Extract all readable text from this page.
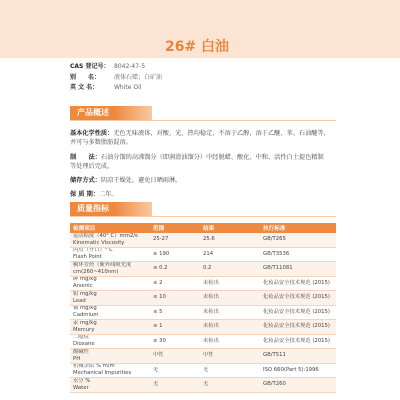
26# 白油
CAS 登记号： 8042-47-5
别　　名： 液体石蜡；白矿油
英 文 名：	White Oil
产品概述
基本化学性质：无色无味液体，对酸、光、热均稳定，不溶于乙醇，溶于乙醚、苯、石油醚等，
并可与多数脂肪混溶。
制　　法：石油分馏的高沸馏分（即润滑油馏分）中经脱蜡、酸化、中和、活性白土提色精制
等处理后完成。
储存方式：阴凉干燥处，避免日晒雨淋。
保 质 期：二年。
质量指标
检测项目	范围	结果	执行标准
运动粘度（40° C）mm2/s
Kinematic Viscosity
25-27	25.6	GB/T265
闪点（开口）° C
Flash Point
≥ 190	214	GB/T3536
稠环芳烃（紫外线吸光度
cm(260~410nm)
≤ 0.2	0.2	GB/T11081
砷 mg/kg
Arsenic
≤ 2	未检出	化妆品安全技术规范 (2015)
铅 mg/kg
Lead
≤ 10	未检出	化妆品安全技术规范 (2015)
镉 mg/kg
Cadmium
≤ 5	未检出	化妆品安全技术规范 (2015)
汞 mg/kg
Mercury
≤ 1	未检出	化妆品安全技术规范 (2015)
二噁烷
Dioxane
≤ 30	未检出	化妆品安全技术规范 (2015)
酸碱性
PH
中性	中性	GB/T511
机械杂质 % m/m
Mechanical Impurities
无	无	ISO 660(Part 5):1996
水分 %
Water
无	无	GB/T260
